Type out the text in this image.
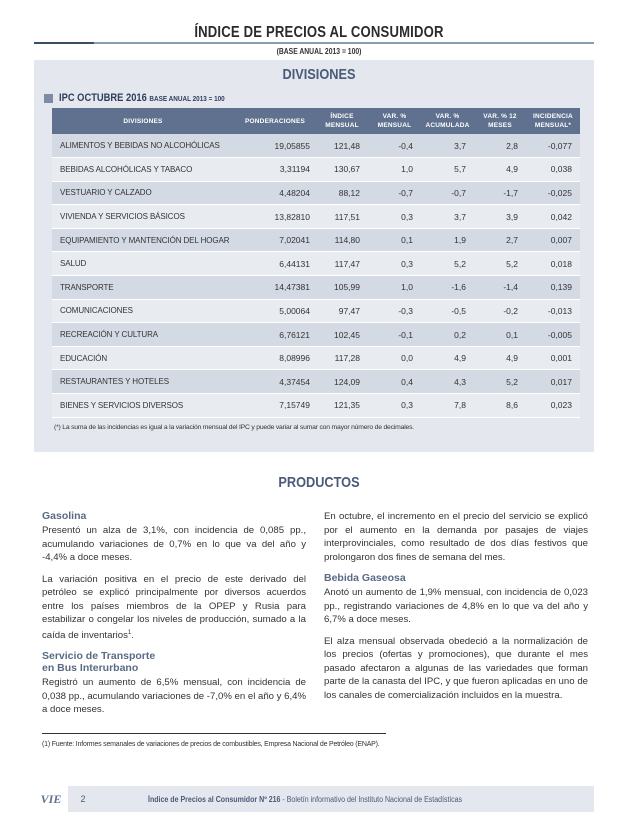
ÍNDICE DE PRECIOS AL CONSUMIDOR
(BASE ANUAL 2013 = 100)
DIVISIONES
IPC OCTUBRE 2016 BASE ANUAL 2013 = 100
DIVISIONES	PONDERACIONES	ÍNDICE MENSUAL	VAR. % MENSUAL	VAR. % ACUMULADA	VAR. % 12 MESES	INCIDENCIA MENSUAL*
ALIMENTOS Y BEBIDAS NO ALCOHÓLICAS	19,05855	121,48	-0,4	3,7	2,8	-0,077
BEBIDAS ALCOHÓLICAS Y TABACO	3,31194	130,67	1,0	5,7	4,9	0,038
VESTUARIO Y CALZADO	4,48204	88,12	-0,7	-0,7	-1,7	-0,025
VIVIENDA Y SERVICIOS BÁSICOS	13,82810	117,51	0,3	3,7	3,9	0,042
EQUIPAMIENTO Y MANTENCIÓN DEL HOGAR	7,02041	114,80	0,1	1,9	2,7	0,007
SALUD	6,44131	117,47	0,3	5,2	5,2	0,018
TRANSPORTE	14,47381	105,99	1,0	-1,6	-1,4	0,139
COMUNICACIONES	5,00064	97,47	-0,3	-0,5	-0,2	-0,013
RECREACIÓN Y CULTURA	6,76121	102,45	-0,1	0,2	0,1	-0,005
EDUCACIÓN	8,08996	117,28	0,0	4,9	4,9	0,001
RESTAURANTES Y HOTELES	4,37454	124,09	0,4	4,3	5,2	0,017
BIENES Y SERVICIOS DIVERSOS	7,15749	121,35	0,3	7,8	8,6	0,023
(*) La suma de las incidencias es igual a la variación mensual del IPC y puede variar al sumar con mayor número de decimales.
PRODUCTOS
Gasolina

Presentó un alza de 3,1%, con incidencia de 0,085 pp., acumulando variaciones de 0,7% en lo que va del año y -4,4% a doce meses.

La variación positiva en el precio de este derivado del petróleo se explicó principalmente por diversos acuerdos entre los países miembros de la OPEP y Rusia para estabilizar o congelar los niveles de producción, sumado a la caída de inventarios$^1$.

Servicio de Transporte
en Bus Interurbano

Registró un aumento de 6,5% mensual, con incidencia de 0,038 pp., acumulando variaciones de -7,0% en el año y 6,4% a doce meses.

En octubre, el incremento en el precio del servicio se explicó por el aumento en la demanda por pasajes de viajes interprovinciales, como resultado de dos días festivos que prolongaron dos fines de semana del mes.

Bebida Gaseosa

Anotó un aumento de 1,9% mensual, con incidencia de 0,023 pp., registrando variaciones de 4,8% en lo que va del año y 6,7% a doce meses.

El alza mensual observada obedeció a la normalización de los precios (ofertas y promociones), que durante el mes pasado afectaron a algunas de las variedades que forman parte de la canasta del IPC, y que fueron aplicadas en uno de los canales de comercialización incluidos en la muestra.

(1) Fuente: Informes semanales de variaciones de precios de combustibles, Empresa Nacional de Petróleo (ENAP).
VIE	2	Índice de Precios al Consumidor Nº 216 - Boletín informativo del Instituto Nacional de Estadísticas
